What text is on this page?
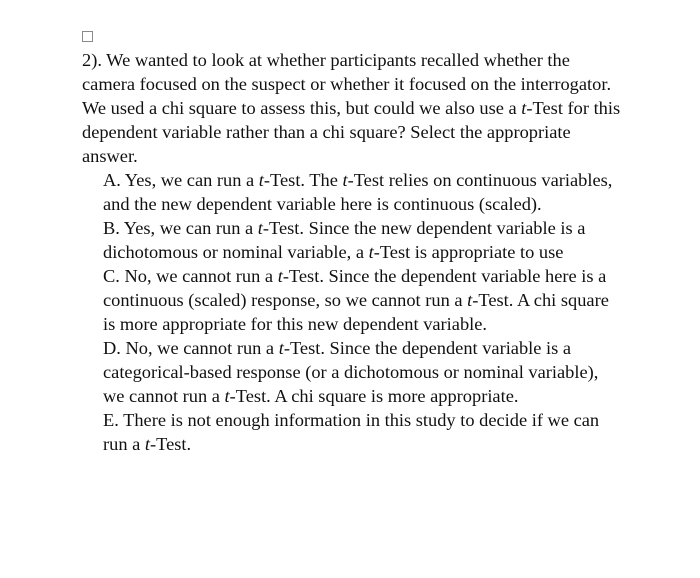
2). We wanted to look at whether participants recalled whether the camera focused on the suspect or whether it focused on the interrogator. We used a chi square to assess this, but could we also use a t-Test for this dependent variable rather than a chi square? Select the appropriate answer.

A. Yes, we can run a t-Test. The t-Test relies on continuous variables, and the new dependent variable here is continuous (scaled).
B. Yes, we can run a t-Test. Since the new dependent variable is a dichotomous or nominal variable, a t-Test is appropriate to use
C. No, we cannot run a t-Test. Since the dependent variable here is a continuous (scaled) response, so we cannot run a t-Test. A chi square is more appropriate for this new dependent variable.
D. No, we cannot run a t-Test. Since the dependent variable is a categorical-based response (or a dichotomous or nominal variable), we cannot run a t-Test. A chi square is more appropriate.
E. There is not enough information in this study to decide if we can run a t-Test.
